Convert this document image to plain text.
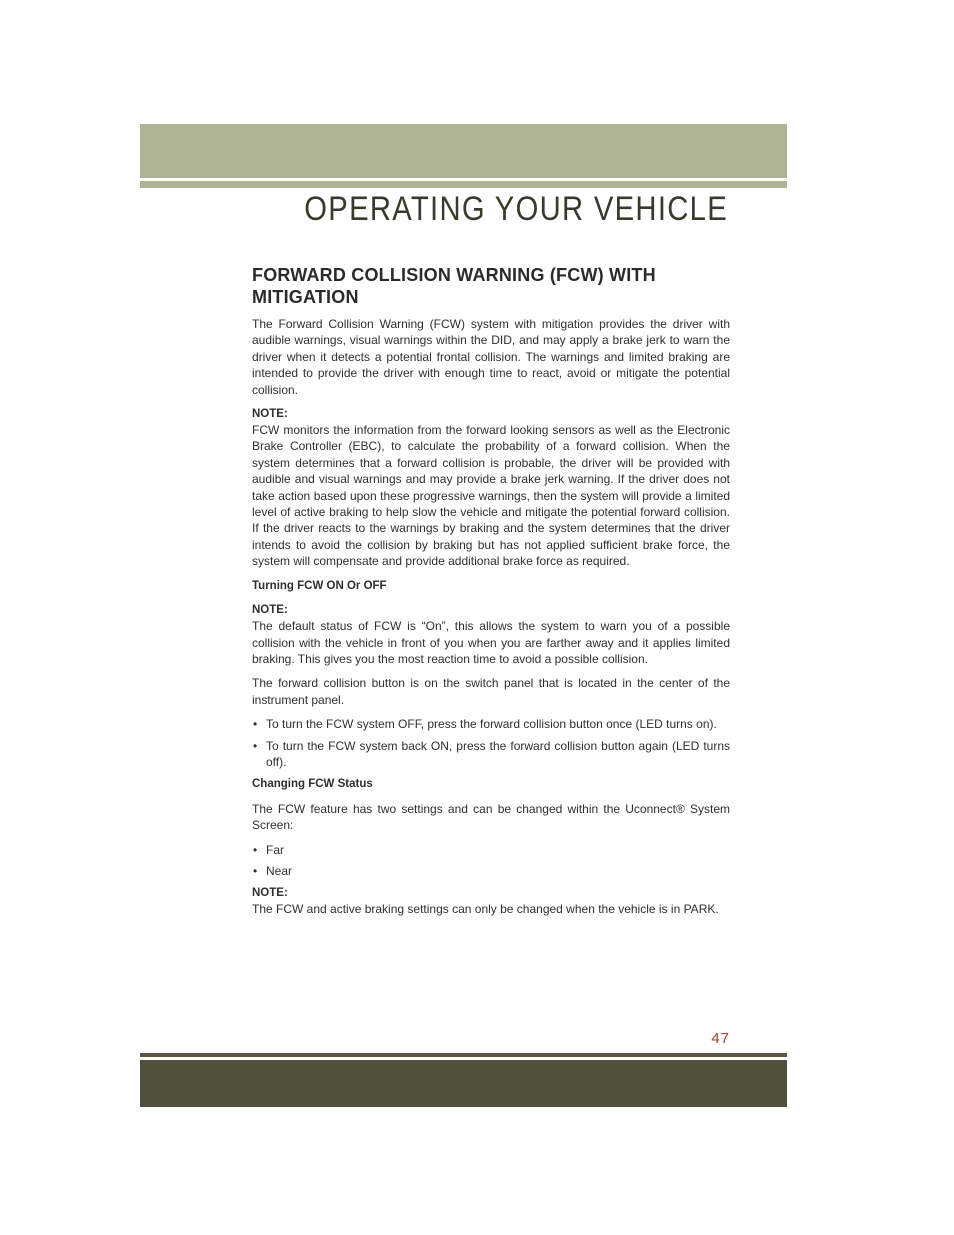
OPERATING YOUR VEHICLE
FORWARD COLLISION WARNING (FCW) WITH MITIGATION

The Forward Collision Warning (FCW) system with mitigation provides the driver with audible warnings, visual warnings within the DID, and may apply a brake jerk to warn the driver when it detects a potential frontal collision. The warnings and limited braking are intended to provide the driver with enough time to react, avoid or mitigate the potential collision.

NOTE:

FCW monitors the information from the forward looking sensors as well as the Electronic Brake Controller (EBC), to calculate the probability of a forward collision. When the system determines that a forward collision is probable, the driver will be provided with audible and visual warnings and may provide a brake jerk warning. If the driver does not take action based upon these progressive warnings, then the system will provide a limited level of active braking to help slow the vehicle and mitigate the potential forward collision. If the driver reacts to the warnings by braking and the system determines that the driver intends to avoid the collision by braking but has not applied sufficient brake force, the system will compensate and provide additional brake force as required.

Turning FCW ON Or OFF
NOTE:

The default status of FCW is “On”, this allows the system to warn you of a possible collision with the vehicle in front of you when you are farther away and it applies limited braking. This gives you the most reaction time to avoid a possible collision.

The forward collision button is on the switch panel that is located in the center of the instrument panel.

• To turn the FCW system OFF, press the forward collision button once (LED turns on).
• To turn the FCW system back ON, press the forward collision button again (LED turns off).
Changing FCW Status

The FCW feature has two settings and can be changed within the Uconnect® System Screen:

• Far
• Near
NOTE:

The FCW and active braking settings can only be changed when the vehicle is in PARK.

47
